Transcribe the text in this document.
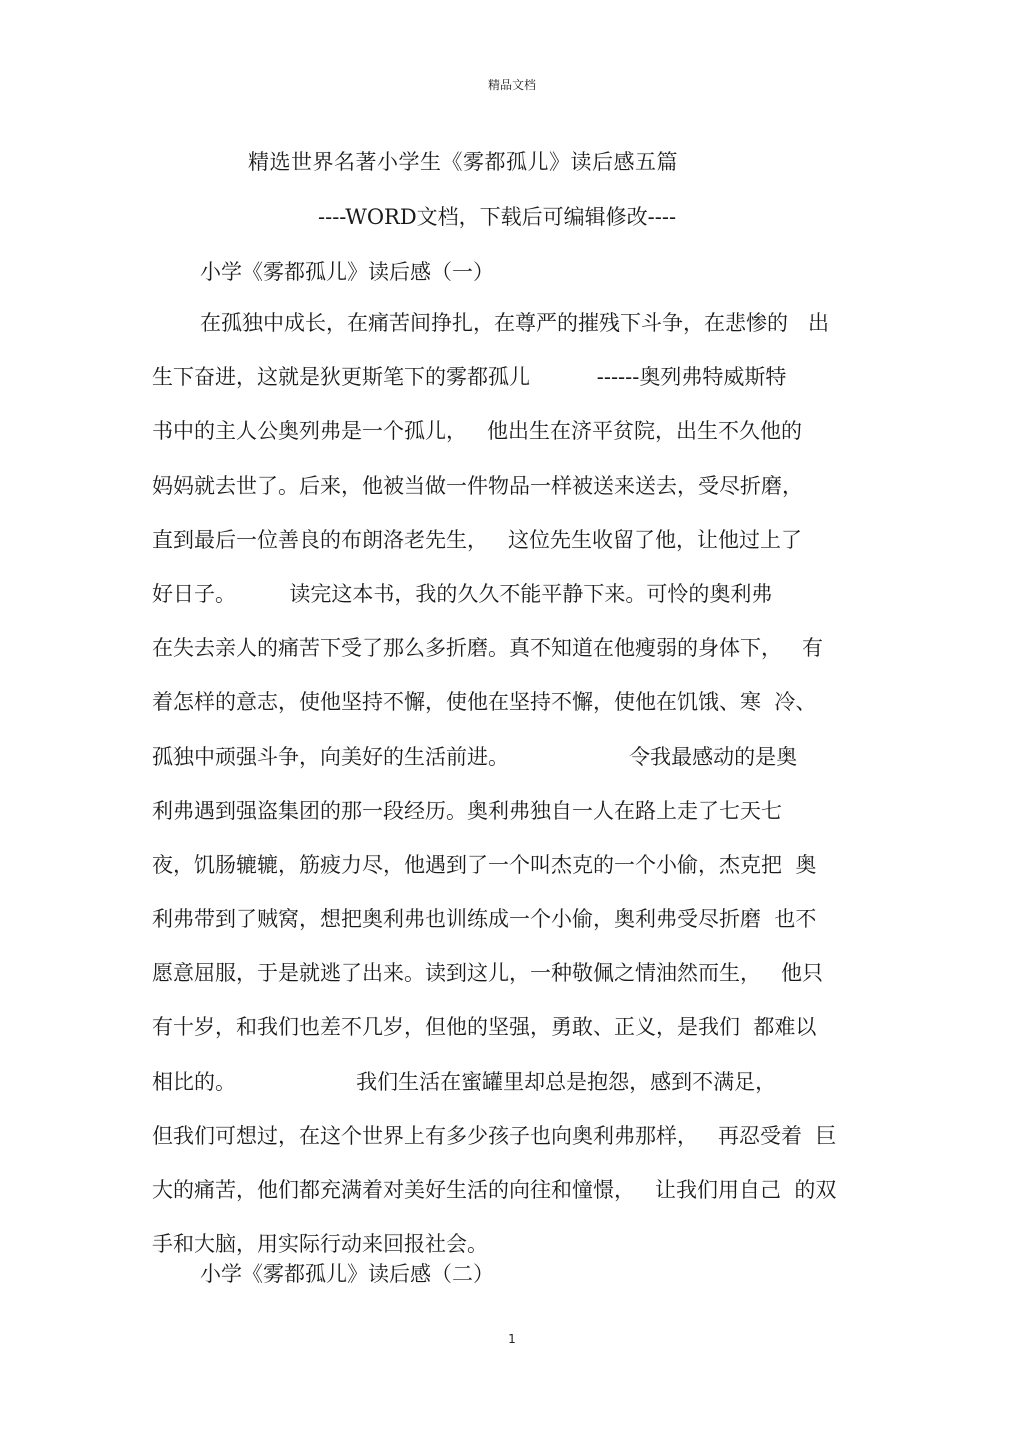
精品文档
精选世界名著小学生《雾都孤儿》读后感五篇
----WORD文档，下载后可编辑修改----
小学《雾都孤儿》读后感（一）
在孤独中成长，在痛苦间挣扎，在尊严的摧残下斗争，在悲惨的   出
生下奋进，这就是狄更斯笔下的雾都孤儿          ------奥列弗特威斯特
书中的主人公奥列弗是一个孤儿，   他出生在济平贫院，出生不久他的
妈妈就去世了。后来，他被当做一件物品一样被送来送去，受尽折磨，
直到最后一位善良的布朗洛老先生，   这位先生收留了他，让他过上了
好日子。        读完这本书，我的久久不能平静下来。可怜的奥利弗
在失去亲人的痛苦下受了那么多折磨。真不知道在他瘦弱的身体下，   有
着怎样的意志，使他坚持不懈，使他在坚持不懈，使他在饥饿、寒  冷、
孤独中顽强斗争，向美好的生活前进。                  令我最感动的是奥
利弗遇到强盗集团的那一段经历。奥利弗独自一人在路上走了七天七
夜，饥肠辘辘，筋疲力尽，他遇到了一个叫杰克的一个小偷，杰克把  奥
利弗带到了贼窝，想把奥利弗也训练成一个小偷，奥利弗受尽折磨  也不
愿意屈服，于是就逃了出来。读到这儿，一种敬佩之情油然而生，   他只
有十岁，和我们也差不几岁，但他的坚强，勇敢、正义，是我们  都难以
相比的。                  我们生活在蜜罐里却总是抱怨，感到不满足，
但我们可想过，在这个世界上有多少孩子也向奥利弗那样，   再忍受着  巨
大的痛苦，他们都充满着对美好生活的向往和憧憬，   让我们用自己  的双
手和大脑，用实际行动来回报社会。
小学《雾都孤儿》读后感（二）
1
